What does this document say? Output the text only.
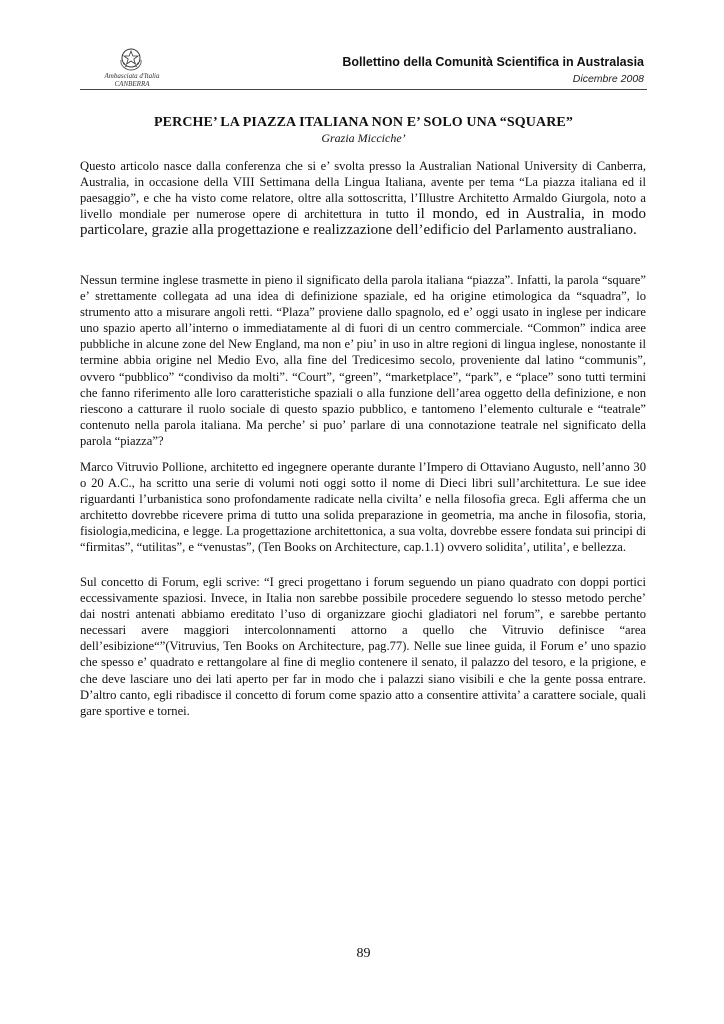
Ambasciata d'Italia
CANBERRA
Bollettino della Comunità Scientifica in Australasia
Dicembre 2008
PERCHE’ LA PIAZZA ITALIANA NON E’ SOLO UNA “SQUARE”
Grazia Micciche’

Questo articolo nasce dalla conferenza che si e’ svolta presso la Australian National University di Canberra, Australia, in occasione della VIII Settimana della Lingua Italiana, avente per tema “La piazza italiana ed il paesaggio”, e che ha visto come relatore, oltre alla sottoscritta, l’Illustre Architetto Armaldo Giurgola, noto a livello mondiale per numerose opere di architettura in tutto il mondo, ed in Australia, in modo particolare, grazie alla progettazione e realizzazione dell’edificio del Parlamento australiano.

Nessun termine inglese trasmette in pieno il significato della parola italiana “piazza”. Infatti, la parola “square” e’ strettamente collegata ad una idea di definizione spaziale, ed ha origine etimologica da “squadra”, lo strumento atto a misurare angoli retti. “Plaza” proviene dallo spagnolo, ed e’ oggi usato in inglese per indicare uno spazio aperto all’interno o immediatamente al di fuori di un centro commerciale. “Common” indica aree pubbliche in alcune zone del New England, ma non e’ piu’ in uso in altre regioni di lingua inglese, nonostante il termine abbia origine nel Medio Evo, alla fine del Tredicesimo secolo, proveniente dal latino “communis”, ovvero “pubblico” “condiviso da molti”. “Court”, “green”, “marketplace”, “park”, e “place” sono tutti termini che fanno riferimento alle loro caratteristiche spaziali o alla funzione dell’area oggetto della definizione, e non riescono a catturare il ruolo sociale di questo spazio pubblico, e tantomeno l’elemento culturale e “teatrale” contenuto nella parola italiana. Ma perche’ si puo’ parlare di una connotazione teatrale nel significato della parola “piazza”?

Marco Vitruvio Pollione, architetto ed ingegnere operante durante l’Impero di Ottaviano Augusto, nell’anno 30 o 20 A.C., ha scritto una serie di volumi noti oggi sotto il nome di Dieci libri sull’architettura. Le sue idee riguardanti l’urbanistica sono profondamente radicate nella civilta’ e nella filosofia greca. Egli afferma che un architetto dovrebbe ricevere prima di tutto una solida preparazione in geometria, ma anche in filosofia, storia, fisiologia,medicina, e legge. La progettazione architettonica, a sua volta, dovrebbe essere fondata sui principi di “firmitas”, “utilitas”, e “venustas”, (Ten Books on Architecture, cap.1.1) ovvero solidita’, utilita’, e bellezza.

Sul concetto di Forum, egli scrive: “I greci progettano i forum seguendo un piano quadrato con doppi portici eccessivamente spaziosi. Invece, in Italia non sarebbe possibile procedere seguendo lo stesso metodo perche’ dai nostri antenati abbiamo ereditato l’uso di organizzare giochi gladiatori nel forum”, e sarebbe pertanto necessari avere maggiori intercolonnamenti attorno a quello che Vitruvio definisce “area dell’esibizione“”(Vitruvius, Ten Books on Architecture, pag.77). Nelle sue linee guida, il Forum e’ uno spazio che spesso e’ quadrato e rettangolare al fine di meglio contenere il senato, il palazzo del tesoro, e la prigione, e che deve lasciare uno dei lati aperto per far in modo che i palazzi siano visibili e che la gente possa entrare. D’altro canto, egli ribadisce il concetto di forum come spazio atto a consentire attivita’ a carattere sociale, quali gare sportive e tornei.

89
